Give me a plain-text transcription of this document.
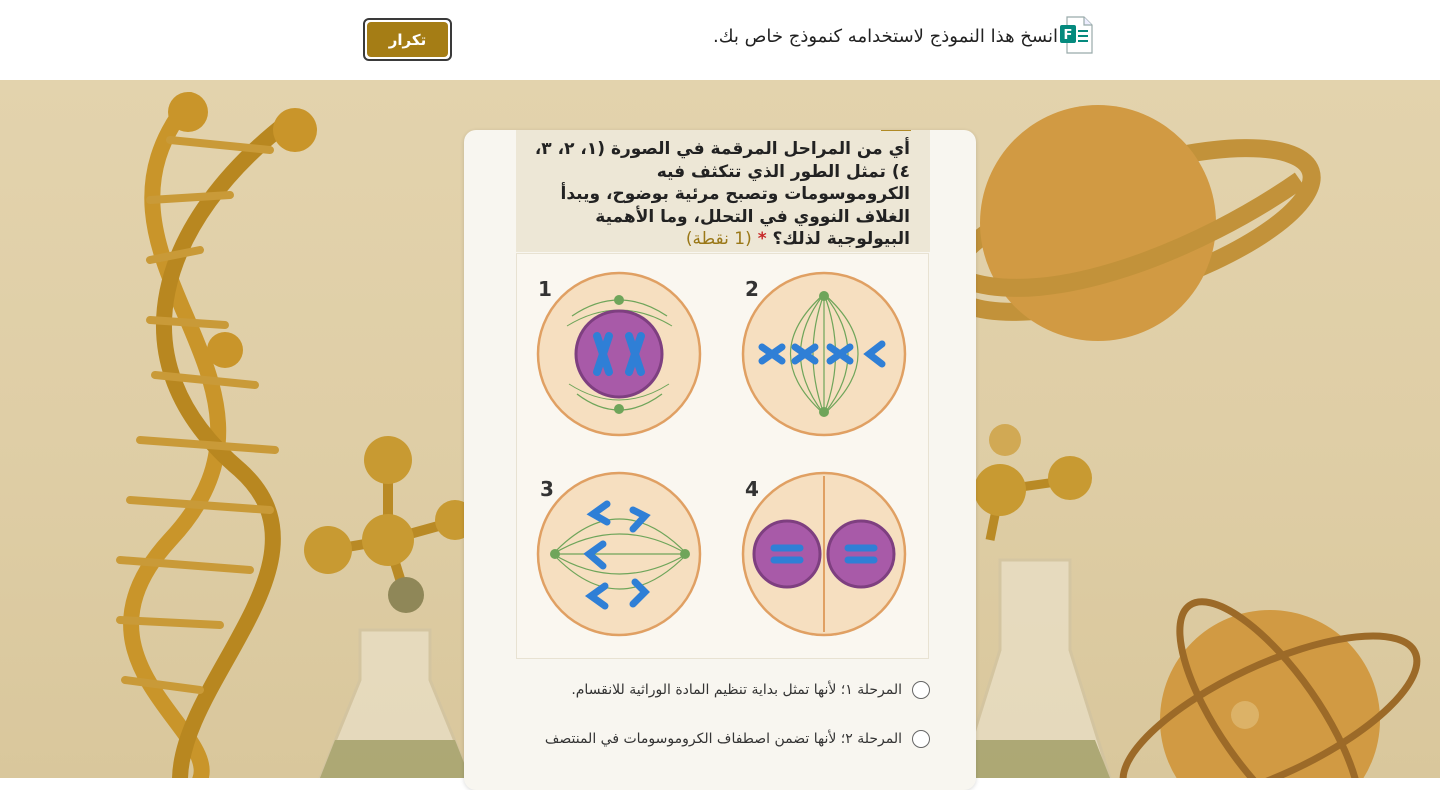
تكرار	انسخ هذا النموذج لاستخدامه كنموذج خاص بك. F
أي من المراحل المرقمة في الصورة (١، ٢، ٣، ٤) تمثل الطور الذي تتكثف فيه الكروموسومات وتصبح مرئية بوضوح، ويبدأ الغلاف النووي في التحلل، وما الأهمية البيولوجية لذلك؟ * (1 نقطة)
1	2
3	4
المرحلة ١؛ لأنها تمثل بداية تنظيم المادة الوراثية للانقسام.
المرحلة ٢؛ لأنها تضمن اصطفاف الكروموسومات في المنتصف
